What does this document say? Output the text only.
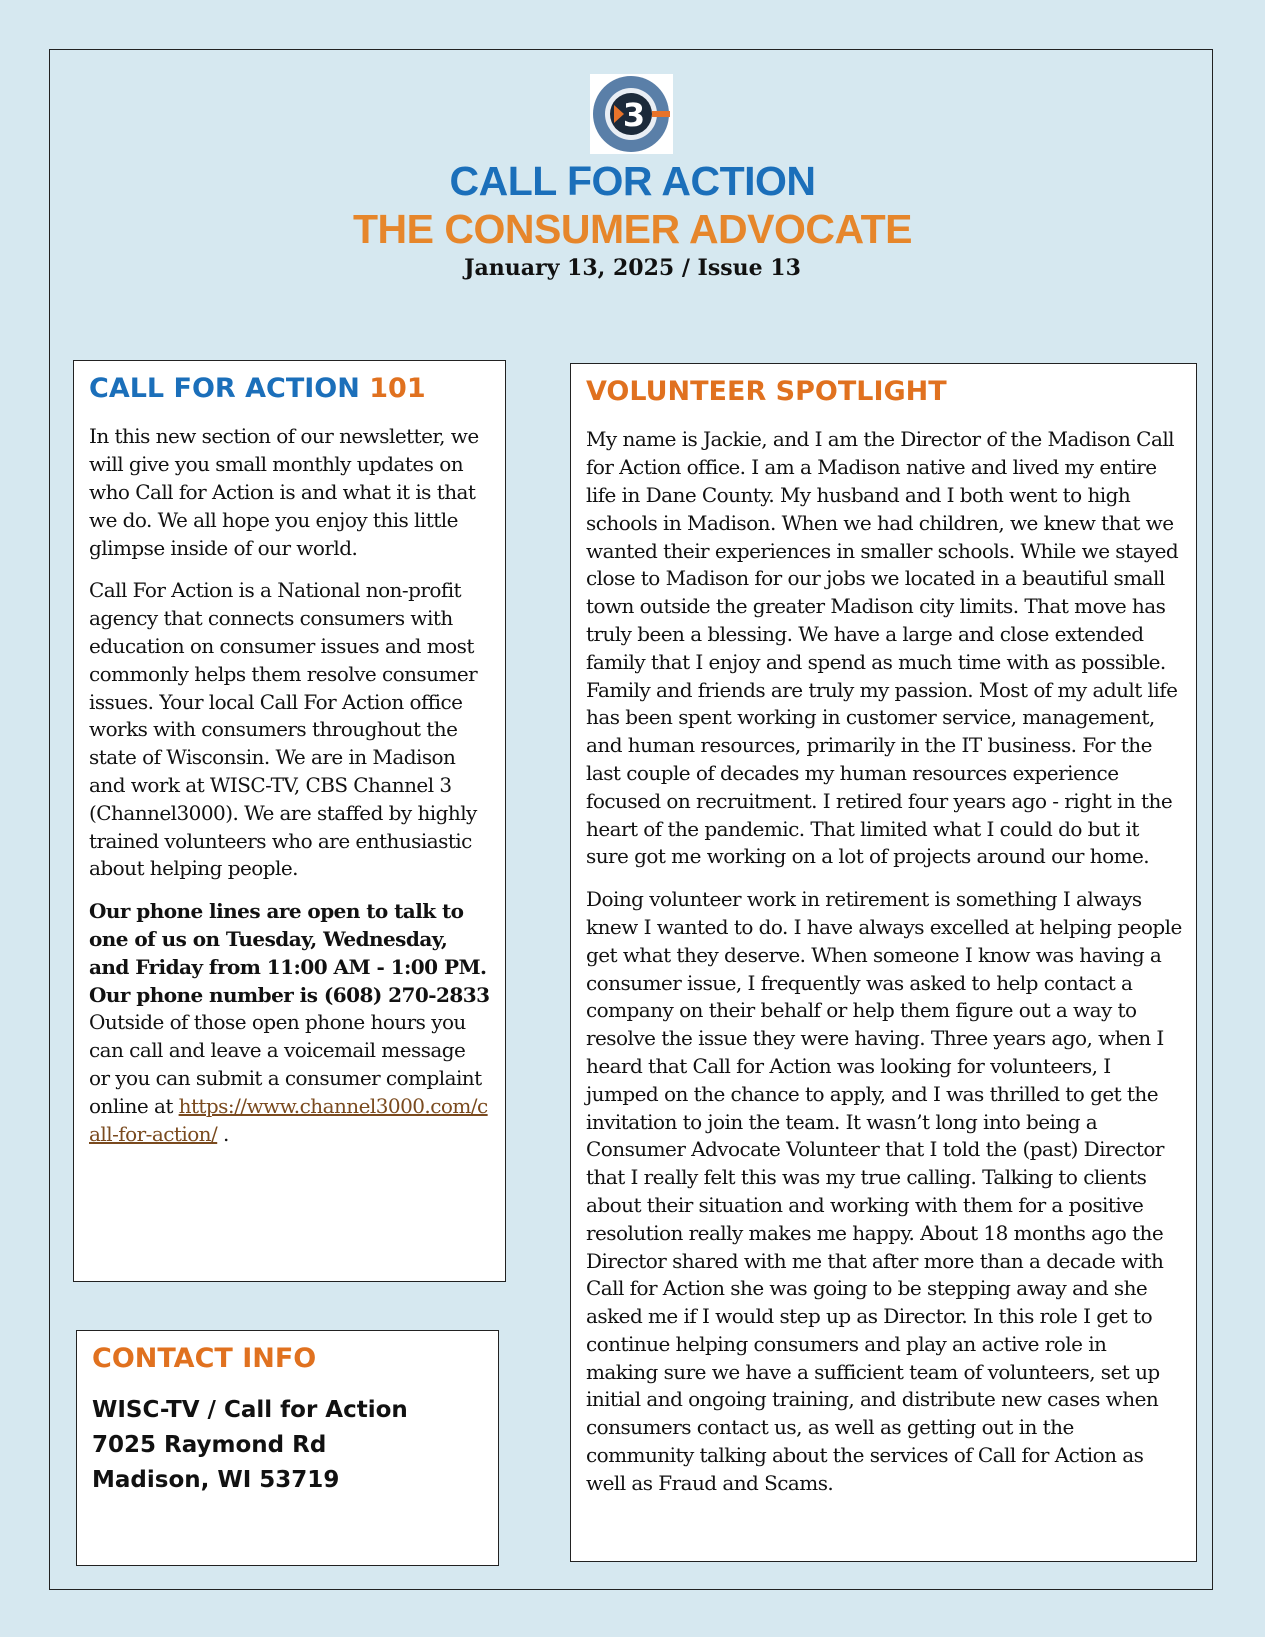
3
CALL FOR ACTION
THE CONSUMER ADVOCATE
January 13, 2025 / Issue 13
CALL FOR ACTION 101

In this new section of our newsletter, we will give you small monthly updates on who Call for Action is and what it is that we do. We all hope you enjoy this little glimpse inside of our world.

Call For Action is a National non-profit agency that connects consumers with education on consumer issues and most commonly helps them resolve consumer issues. Your local Call For Action office works with consumers throughout the state of Wisconsin. We are in Madison and work at WISC-TV, CBS Channel 3 (Channel3000). We are staffed by highly trained volunteers who are enthusiastic about helping people.

Our phone lines are open to talk to one of us on Tuesday, Wednesday, and Friday from 11:00 AM - 1:00 PM. Our phone number is (608) 270-2833 Outside of those open phone hours you can call and leave a voicemail message or you can submit a consumer complaint online at https://www.channel3000.com/call-for-action/ .

CONTACT INFO
WISC-TV / Call for Action
7025 Raymond Rd
Madison, WI 53719
VOLUNTEER SPOTLIGHT

My name is Jackie, and I am the Director of the Madison Call for Action office. I am a Madison native and lived my entire life in Dane County. My husband and I both went to high schools in Madison. When we had children, we knew that we wanted their experiences in smaller schools. While we stayed close to Madison for our jobs we located in a beautiful small town outside the greater Madison city limits. That move has truly been a blessing. We have a large and close extended family that I enjoy and spend as much time with as possible. Family and friends are truly my passion. Most of my adult life has been spent working in customer service, management, and human resources, primarily in the IT business. For the last couple of decades my human resources experience focused on recruitment. I retired four years ago - right in the heart of the pandemic. That limited what I could do but it sure got me working on a lot of projects around our home.

Doing volunteer work in retirement is something I always knew I wanted to do. I have always excelled at helping people get what they deserve. When someone I know was having a consumer issue, I frequently was asked to help contact a company on their behalf or help them figure out a way to resolve the issue they were having. Three years ago, when I heard that Call for Action was looking for volunteers, I jumped on the chance to apply, and I was thrilled to get the invitation to join the team. It wasn’t long into being a Consumer Advocate Volunteer that I told the (past) Director that I really felt this was my true calling. Talking to clients about their situation and working with them for a positive resolution really makes me happy. About 18 months ago the Director shared with me that after more than a decade with Call for Action she was going to be stepping away and she asked me if I would step up as Director. In this role I get to continue helping consumers and play an active role in making sure we have a sufficient team of volunteers, set up initial and ongoing training, and distribute new cases when consumers contact us, as well as getting out in the community talking about the services of Call for Action as well as Fraud and Scams.
